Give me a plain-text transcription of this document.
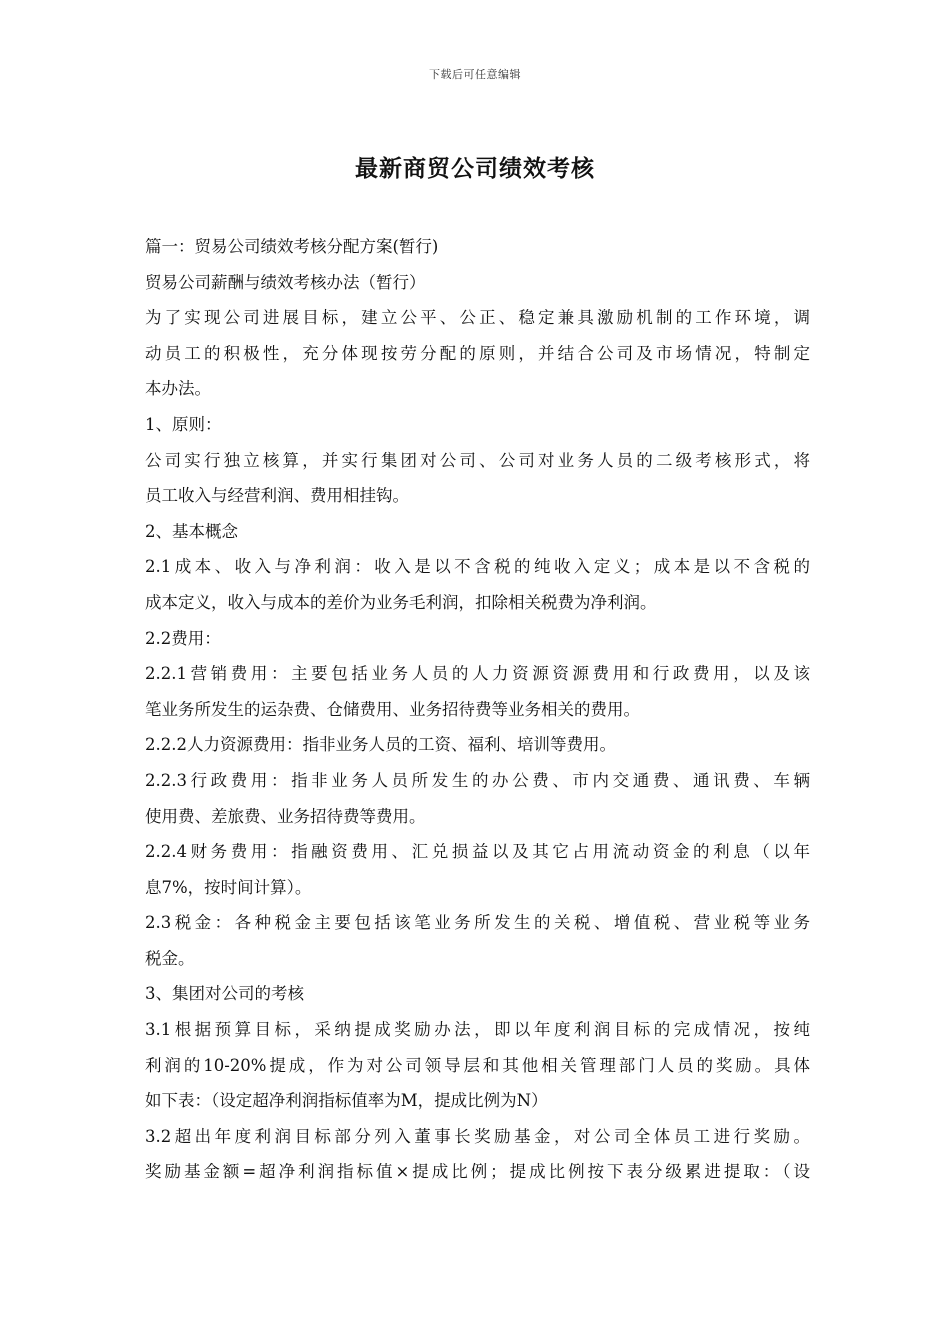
下载后可任意编辑
最新商贸公司绩效考核
篇一：贸易公司绩效考核分配方案(暂行)
贸易公司薪酬与绩效考核办法（暂行）
为了实现公司进展目标，建立公平、公正、稳定兼具激励机制的工作环境，调
动员工的积极性，充分体现按劳分配的原则，并结合公司及市场情况，特制定
本办法。
1、原则：
公司实行独立核算，并实行集团对公司、公司对业务人员的二级考核形式，将
员工收入与经营利润、费用相挂钩。
2、基本概念
2.1成本、收入与净利润：收入是以不含税的纯收入定义；成本是以不含税的
成本定义，收入与成本的差价为业务毛利润，扣除相关税费为净利润。
2.2费用：
2.2.1营销费用：主要包括业务人员的人力资源资源费用和行政费用，以及该
笔业务所发生的运杂费、仓储费用、业务招待费等业务相关的费用。
2.2.2人力资源费用：指非业务人员的工资、福利、培训等费用。
2.2.3行政费用：指非业务人员所发生的办公费、市内交通费、通讯费、车辆
使用费、差旅费、业务招待费等费用。
2.2.4财务费用：指融资费用、汇兑损益以及其它占用流动资金的利息（以年
息7%，按时间计算）。
2.3税金：各种税金主要包括该笔业务所发生的关税、增值税、营业税等业务
税金。
3、集团对公司的考核
3.1根据预算目标，采纳提成奖励办法，即以年度利润目标的完成情况，按纯
利润的10-20%提成，作为对公司领导层和其他相关管理部门人员的奖励。具体
如下表：（设定超净利润指标值率为M，提成比例为N）
3.2超出年度利润目标部分列入董事长奖励基金，对公司全体员工进行奖励。
奖励基金额=超净利润指标值×提成比例；提成比例按下表分级累进提取：（设
